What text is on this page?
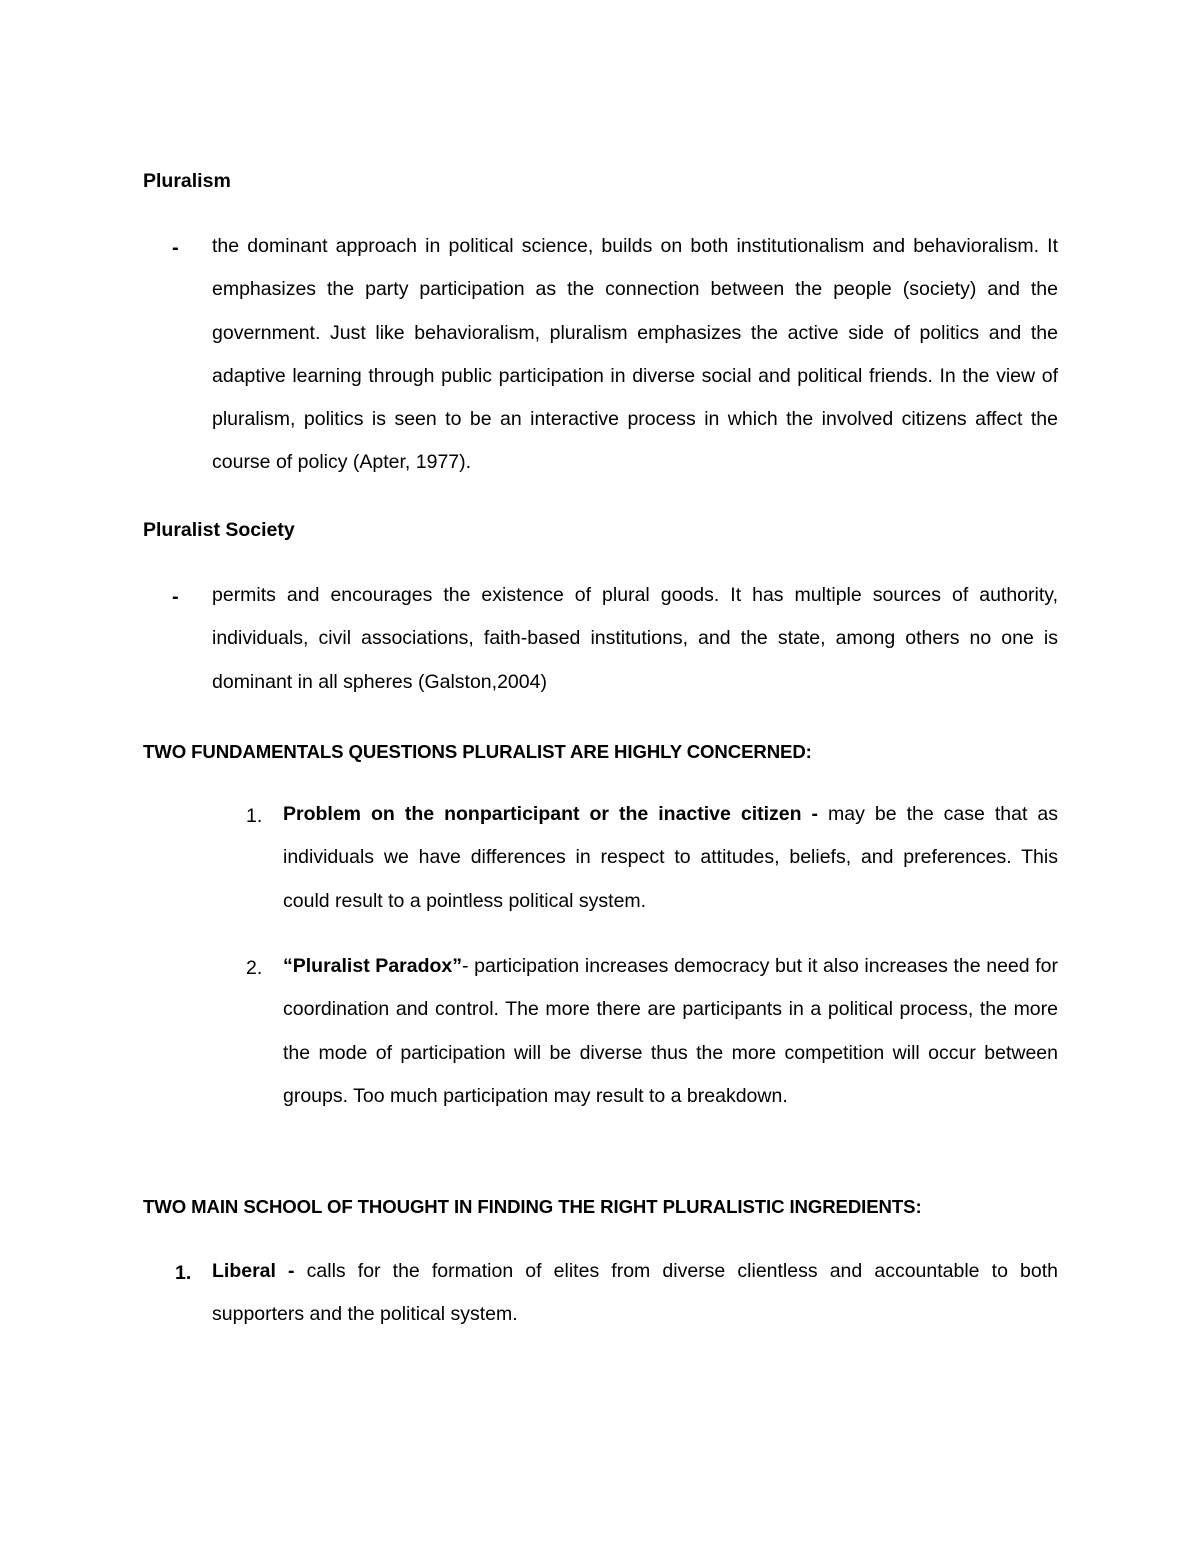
Pluralism
- the dominant approach in political science, builds on both institutionalism and behavioralism. It emphasizes the party participation as the connection between the people (society) and the government. Just like behavioralism, pluralism emphasizes the active side of politics and the adaptive learning through public participation in diverse social and political friends. In the view of pluralism, politics is seen to be an interactive process in which the involved citizens affect the course of policy (Apter, 1977).

Pluralist Society
- permits and encourages the existence of plural goods. It has multiple sources of authority, individuals, civil associations, faith-based institutions, and the state, among others no one is dominant in all spheres (Galston,2004)

TWO FUNDAMENTALS QUESTIONS PLURALIST ARE HIGHLY CONCERNED:
1. Problem on the nonparticipant or the inactive citizen - may be the case that as individuals we have differences in respect to attitudes, beliefs, and preferences. This could result to a pointless political system.

2. “Pluralist Paradox”- participation increases democracy but it also increases the need for coordination and control. The more there are participants in a political process, the more the mode of participation will be diverse thus the more competition will occur between groups. Too much participation may result to a breakdown.

TWO MAIN SCHOOL OF THOUGHT IN FINDING THE RIGHT PLURALISTIC INGREDIENTS:
1. Liberal - calls for the formation of elites from diverse clientless and accountable to both supporters and the political system.
